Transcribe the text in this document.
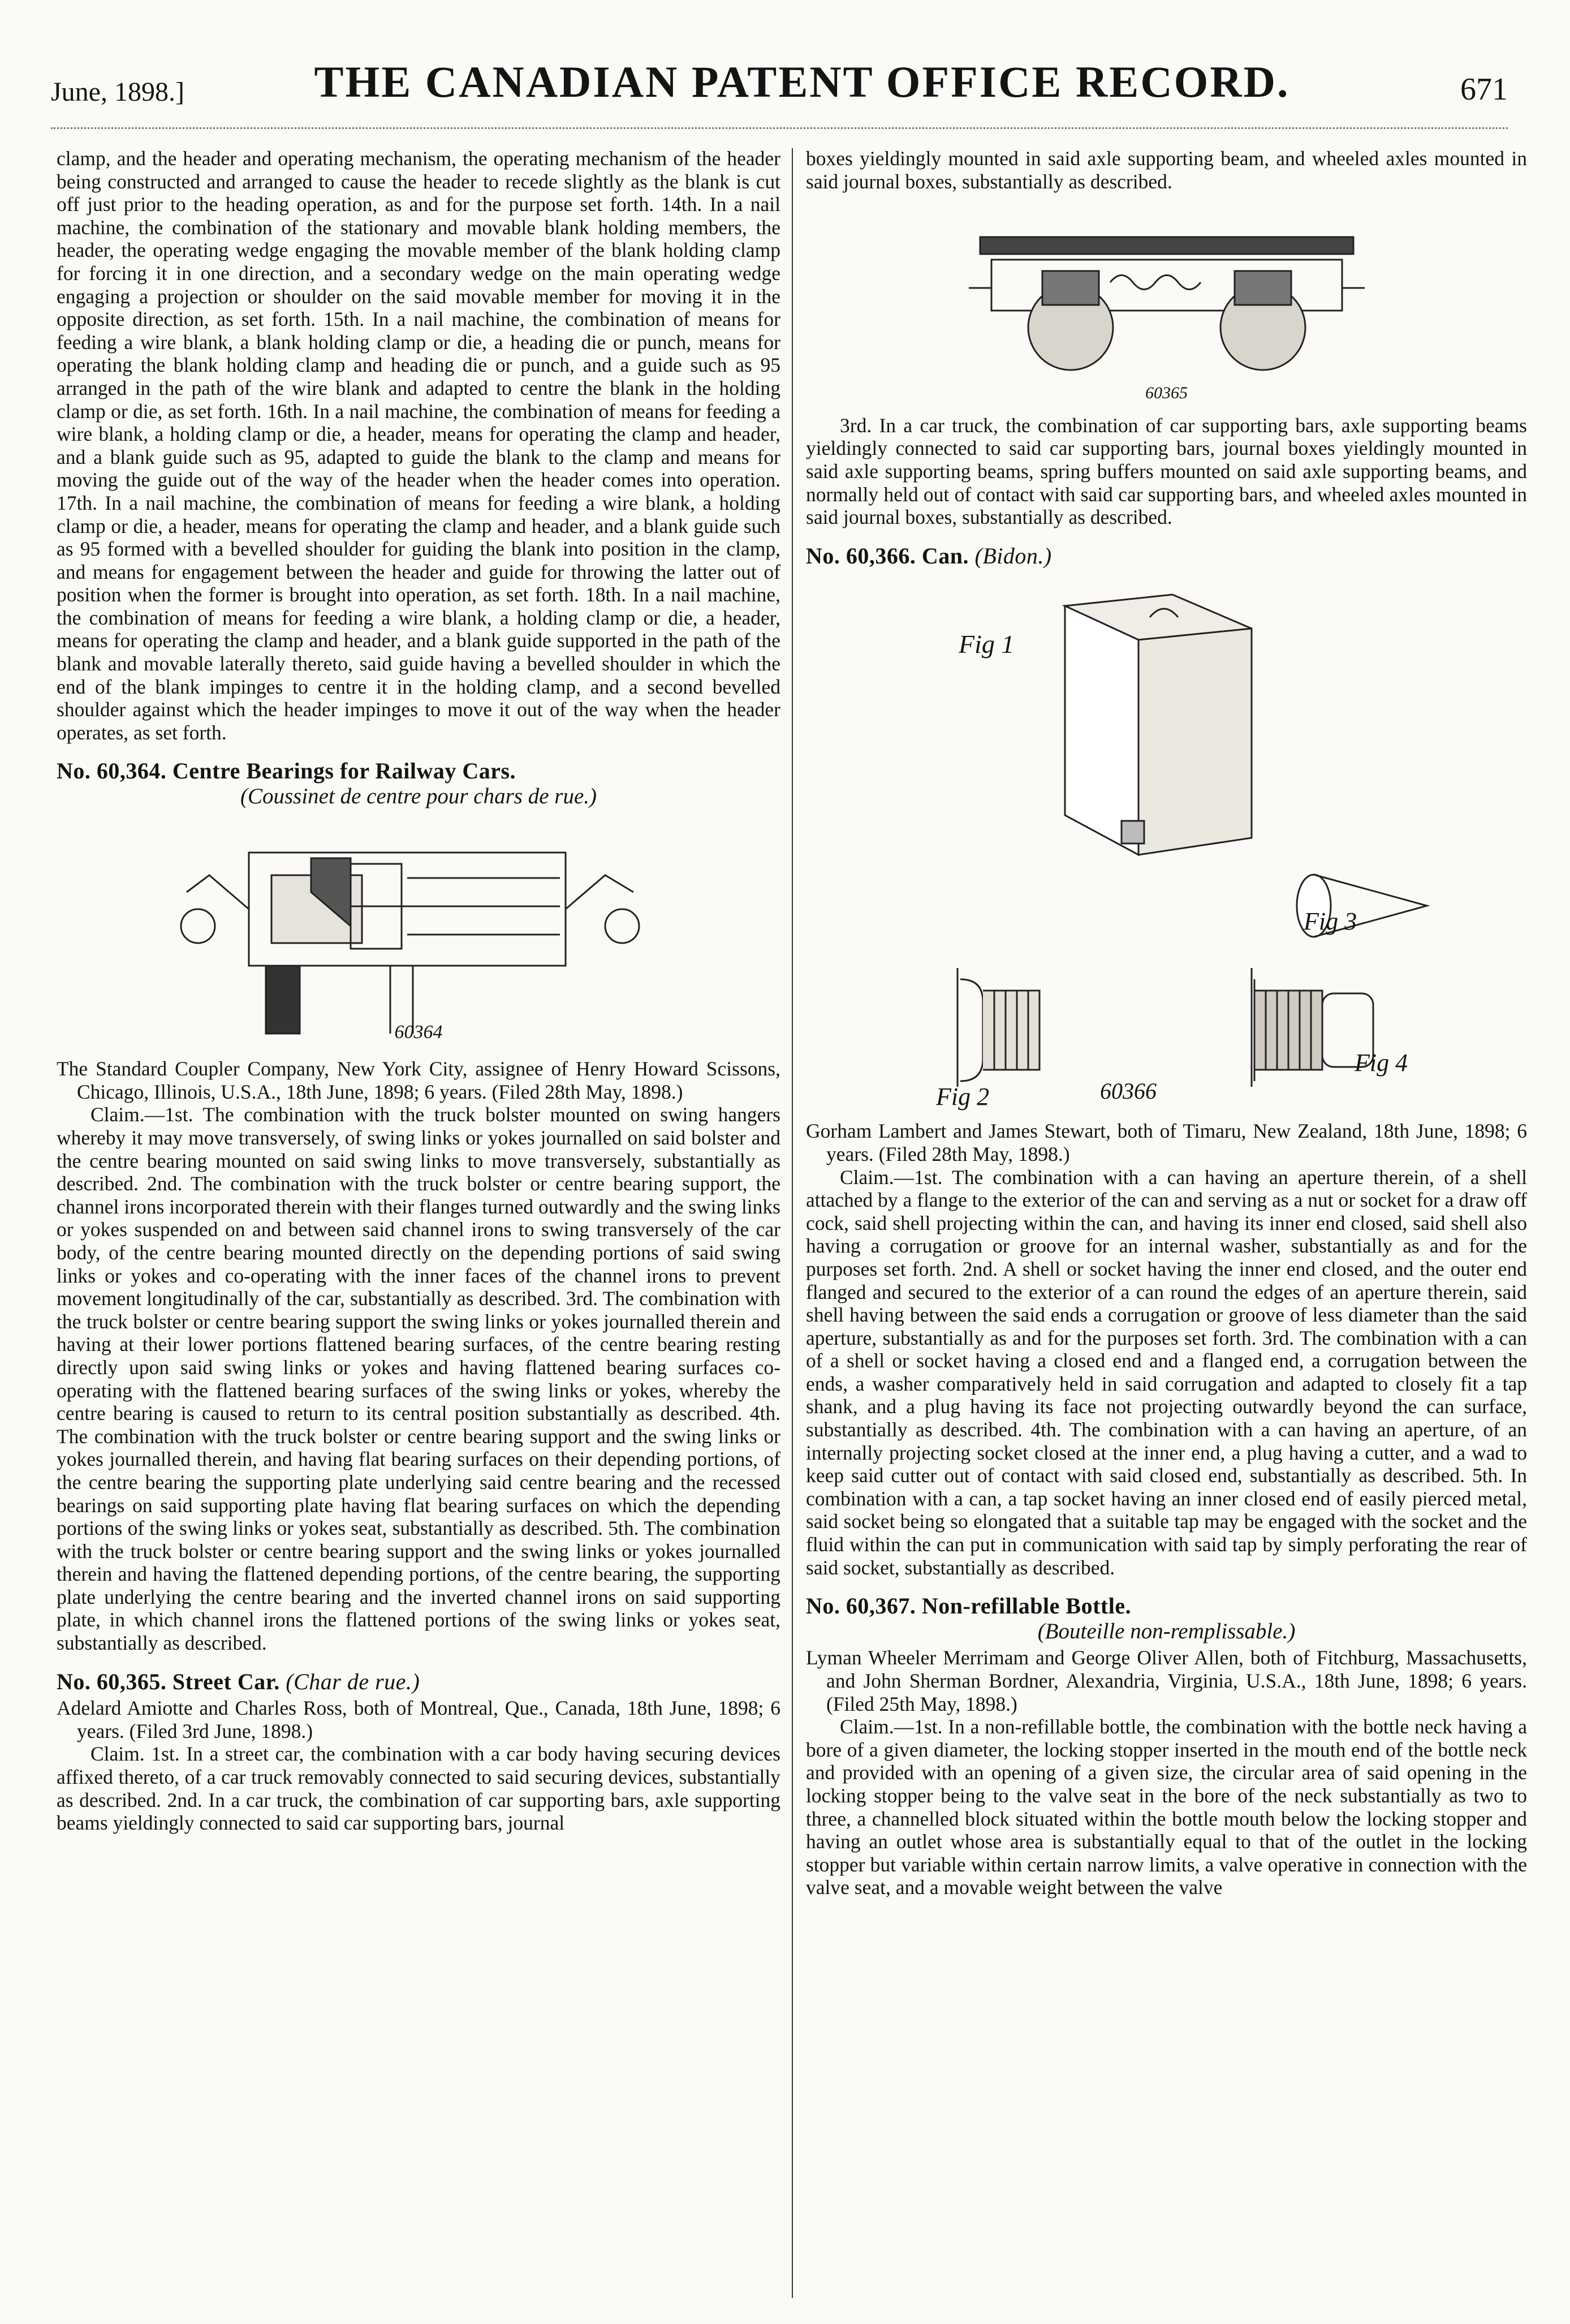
June, 1898.]	THE CANADIAN PATENT OFFICE RECORD.	671

clamp, and the header and operating mechanism, the operating mechanism of the header being constructed and arranged to cause the header to recede slightly as the blank is cut off just prior to the heading operation, as and for the purpose set forth. 14th. In a nail machine, the combination of the stationary and movable blank holding members, the header, the operating wedge engaging the movable member of the blank holding clamp for forcing it in one direction, and a secondary wedge on the main operating wedge engaging a projection or shoulder on the said movable member for moving it in the opposite direction, as set forth. 15th. In a nail machine, the combination of means for feeding a wire blank, a blank holding clamp or die, a heading die or punch, means for operating the blank holding clamp and heading die or punch, and a guide such as 95 arranged in the path of the wire blank and adapted to centre the blank in the holding clamp or die, as set forth. 16th. In a nail machine, the combination of means for feeding a wire blank, a holding clamp or die, a header, means for operating the clamp and header, and a blank guide such as 95, adapted to guide the blank to the clamp and means for moving the guide out of the way of the header when the header comes into operation. 17th. In a nail machine, the combination of means for feeding a wire blank, a holding clamp or die, a header, means for operating the clamp and header, and a blank guide such as 95 formed with a bevelled shoulder for guiding the blank into position in the clamp, and means for engagement between the header and guide for throwing the latter out of position when the former is brought into operation, as set forth. 18th. In a nail machine, the combination of means for feeding a wire blank, a holding clamp or die, a header, means for operating the clamp and header, and a blank guide supported in the path of the blank and movable laterally thereto, said guide having a bevelled shoulder in which the end of the blank impinges to centre it in the holding clamp, and a second bevelled shoulder against which the header impinges to move it out of the way when the header operates, as set forth.

No. 60,364. Centre Bearings for Railway Cars.
(Coussinet de centre pour chars de rue.)
60364

The Standard Coupler Company, New York City, assignee of Henry Howard Scissons, Chicago, Illinois, U.S.A., 18th June, 1898; 6 years. (Filed 28th May, 1898.)

Claim.—1st. The combination with the truck bolster mounted on swing hangers whereby it may move transversely, of swing links or yokes journalled on said bolster and the centre bearing mounted on said swing links to move transversely, substantially as described. 2nd. The combination with the truck bolster or centre bearing support, the channel irons incorporated therein with their flanges turned outwardly and the swing links or yokes suspended on and between said channel irons to swing transversely of the car body, of the centre bearing mounted directly on the depending portions of said swing links or yokes and co-operating with the inner faces of the channel irons to prevent movement longitudinally of the car, substantially as described. 3rd. The combination with the truck bolster or centre bearing support the swing links or yokes journalled therein and having at their lower portions flattened bearing surfaces, of the centre bearing resting directly upon said swing links or yokes and having flattened bearing surfaces co-operating with the flattened bearing surfaces of the swing links or yokes, whereby the centre bearing is caused to return to its central position substantially as described. 4th. The combination with the truck bolster or centre bearing support and the swing links or yokes journalled therein, and having flat bearing surfaces on their depending portions, of the centre bearing the supporting plate underlying said centre bearing and the recessed bearings on said supporting plate having flat bearing surfaces on which the depending portions of the swing links or yokes seat, substantially as described. 5th. The combination with the truck bolster or centre bearing support and the swing links or yokes journalled therein and having the flattened depending portions, of the centre bearing, the supporting plate underlying the centre bearing and the inverted channel irons on said supporting plate, in which channel irons the flattened portions of the swing links or yokes seat, substantially as described.

No. 60,365. Street Car. (Char de rue.)

Adelard Amiotte and Charles Ross, both of Montreal, Que., Canada, 18th June, 1898; 6 years. (Filed 3rd June, 1898.)

Claim. 1st. In a street car, the combination with a car body having securing devices affixed thereto, of a car truck removably connected to said securing devices, substantially as described. 2nd. In a car truck, the combination of car supporting bars, axle supporting beams yieldingly connected to said car supporting bars, journal

boxes yieldingly mounted in said axle supporting beam, and wheeled axles mounted in said journal boxes, substantially as described.

60365

3rd. In a car truck, the combination of car supporting bars, axle supporting beams yieldingly connected to said car supporting bars, journal boxes yieldingly mounted in said axle supporting beams, spring buffers mounted on said axle supporting beams, and normally held out of contact with said car supporting bars, and wheeled axles mounted in said journal boxes, substantially as described.

No. 60,366. Can. (Bidon.)
Fig 1
Fig 2
Fig 3
Fig 4
60366

Gorham Lambert and James Stewart, both of Timaru, New Zealand, 18th June, 1898; 6 years. (Filed 28th May, 1898.)

Claim.—1st. The combination with a can having an aperture therein, of a shell attached by a flange to the exterior of the can and serving as a nut or socket for a draw off cock, said shell projecting within the can, and having its inner end closed, said shell also having a corrugation or groove for an internal washer, substantially as and for the purposes set forth. 2nd. A shell or socket having the inner end closed, and the outer end flanged and secured to the exterior of a can round the edges of an aperture therein, said shell having between the said ends a corrugation or groove of less diameter than the said aperture, substantially as and for the purposes set forth. 3rd. The combination with a can of a shell or socket having a closed end and a flanged end, a corrugation between the ends, a washer comparatively held in said corrugation and adapted to closely fit a tap shank, and a plug having its face not projecting outwardly beyond the can surface, substantially as described. 4th. The combination with a can having an aperture, of an internally projecting socket closed at the inner end, a plug having a cutter, and a wad to keep said cutter out of contact with said closed end, substantially as described. 5th. In combination with a can, a tap socket having an inner closed end of easily pierced metal, said socket being so elongated that a suitable tap may be engaged with the socket and the fluid within the can put in communication with said tap by simply perforating the rear of said socket, substantially as described.

No. 60,367. Non-refillable Bottle.
(Bouteille non-remplissable.)

Lyman Wheeler Merrimam and George Oliver Allen, both of Fitchburg, Massachusetts, and John Sherman Bordner, Alexandria, Virginia, U.S.A., 18th June, 1898; 6 years. (Filed 25th May, 1898.)

Claim.—1st. In a non-refillable bottle, the combination with the bottle neck having a bore of a given diameter, the locking stopper inserted in the mouth end of the bottle neck and provided with an opening of a given size, the circular area of said opening in the locking stopper being to the valve seat in the bore of the neck substantially as two to three, a channelled block situated within the bottle mouth below the locking stopper and having an outlet whose area is substantially equal to that of the outlet in the locking stopper but variable within certain narrow limits, a valve operative in connection with the valve seat, and a movable weight between the valve
